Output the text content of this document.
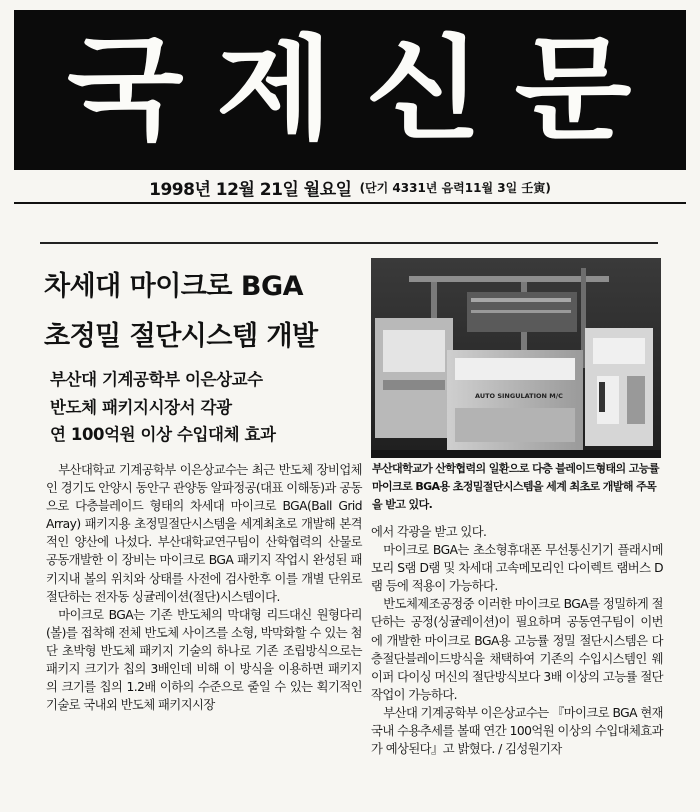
국제신문
1998년 12월 21일 월요일 (단기 4331년 음력11월 3일 壬寅)
차세대 마이크로 BGA
초정밀 절단시스템 개발
부산대 기계공학부 이은상교수
반도체 패키지시장서 각광
연 100억원 이상 수입대체 효과
AUTO SINGULATION M/C
부산대학교가 산학협력의 일환으로 다층 블레이드형태의 고능률 마이크로 BGA용 초정밀절단시스템을 세계 최초로 개발해 주목을 받고 있다.

부산대학교 기계공학부 이은상교수는 최근 반도체 장비업체인 경기도 안양시 동안구 관양동 알파정공(대표 이해동)과 공동으로 다층블레이드 형태의 차세대 마이크로 BGA(Ball Grid Array) 패키지용 초정밀절단시스템을 세계최초로 개발해 본격적인 양산에 나섰다. 부산대학교연구팀이 산학협력의 산물로 공동개발한 이 장비는 마이크로 BGA 패키지 작업시 완성된 패키지내 볼의 위치와 상태를 사전에 검사한후 이를 개별 단위로 절단하는 전자동 싱귤레이션(절단)시스템이다.

마이크로 BGA는 기존 반도체의 막대형 리드대신 원형다리(볼)를 접착해 전체 반도체 사이즈를 소형, 박막화할 수 있는 첨단 초박형 반도체 패키지 기술의 하나로 기존 조립방식으로는 패키지 크기가 칩의 3배인데 비해 이 방식을 이용하면 패키지의 크기를 칩의 1.2배 이하의 수준으로 줄일 수 있는 획기적인 기술로 국내외 반도체 패키지시장

에서 각광을 받고 있다.

마이크로 BGA는 초소형휴대폰 무선통신기기 플래시메모리 S램 D램 및 차세대 고속메모리인 다이렉트 램버스 D램 등에 적용이 가능하다.

반도체제조공정중 이러한 마이크로 BGA를 정밀하게 절단하는 공정(싱귤레이션)이 필요하며 공동연구팀이 이번에 개발한 마이크로 BGA용 고능률 정밀 절단시스템은 다층절단블레이드방식을 채택하여 기존의 수입시스템인 웨이퍼 다이싱 머신의 절단방식보다 3배 이상의 고능률 절단작업이 가능하다.

부산대 기계공학부 이은상교수는 『마이크로 BGA 현재 국내 수용추세를 볼때 연간 100억원 이상의 수입대체효과가 예상된다』고 밝혔다. / 김성원기자
